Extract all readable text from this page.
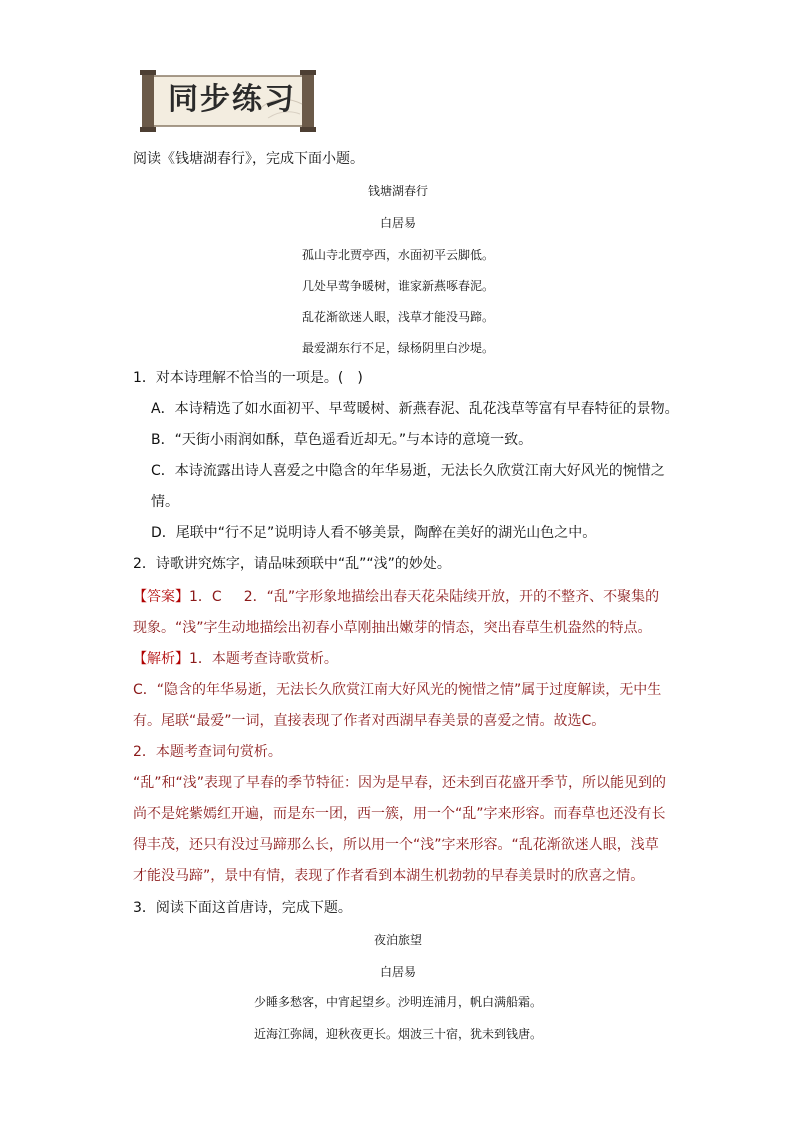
同步练习
阅读《钱塘湖春行》，完成下面小题。
钱塘湖春行
白居易
孤山寺北贾亭西，水面初平云脚低。
几处早莺争暖树，谁家新燕啄春泥。
乱花渐欲迷人眼，浅草才能没马蹄。
最爱湖东行不足，绿杨阴里白沙堤。
1．对本诗理解不恰当的一项是。(　)
A．本诗精选了如水面初平、早莺暖树、新燕春泥、乱花浅草等富有早春特征的景物。
B．“天街小雨润如酥，草色遥看近却无。”与本诗的意境一致。
C．本诗流露出诗人喜爱之中隐含的年华易逝，无法长久欣赏江南大好风光的惋惜之
情。
D．尾联中“行不足”说明诗人看不够美景，陶醉在美好的湖光山色之中。
2．诗歌讲究炼字，请品味颈联中“乱”“浅”的妙处。
【答案】1．C 2．“乱”字形象地描绘出春天花朵陆续开放，开的不整齐、不聚集的
现象。“浅”字生动地描绘出初春小草刚抽出嫩芽的情态，突出春草生机盎然的特点。
【解析】1．本题考查诗歌赏析。
C．“隐含的年华易逝，无法长久欣赏江南大好风光的惋惜之情”属于过度解读，无中生
有。尾联“最爱”一词，直接表现了作者对西湖早春美景的喜爱之情。故选C。
2．本题考查词句赏析。
“乱”和“浅”表现了早春的季节特征：因为是早春，还未到百花盛开季节，所以能见到的
尚不是姹紫嫣红开遍，而是东一团，西一簇，用一个“乱”字来形容。而春草也还没有长
得丰茂，还只有没过马蹄那么长，所以用一个“浅”字来形容。“乱花渐欲迷人眼，浅草
才能没马蹄”，景中有情，表现了作者看到本湖生机勃勃的早春美景时的欣喜之情。
3．阅读下面这首唐诗，完成下题。
夜泊旅望
白居易
少睡多愁客，中宵起望乡。沙明连浦月，帆白满船霜。
近海江弥阔，迎秋夜更长。烟波三十宿，犹未到钱唐。
